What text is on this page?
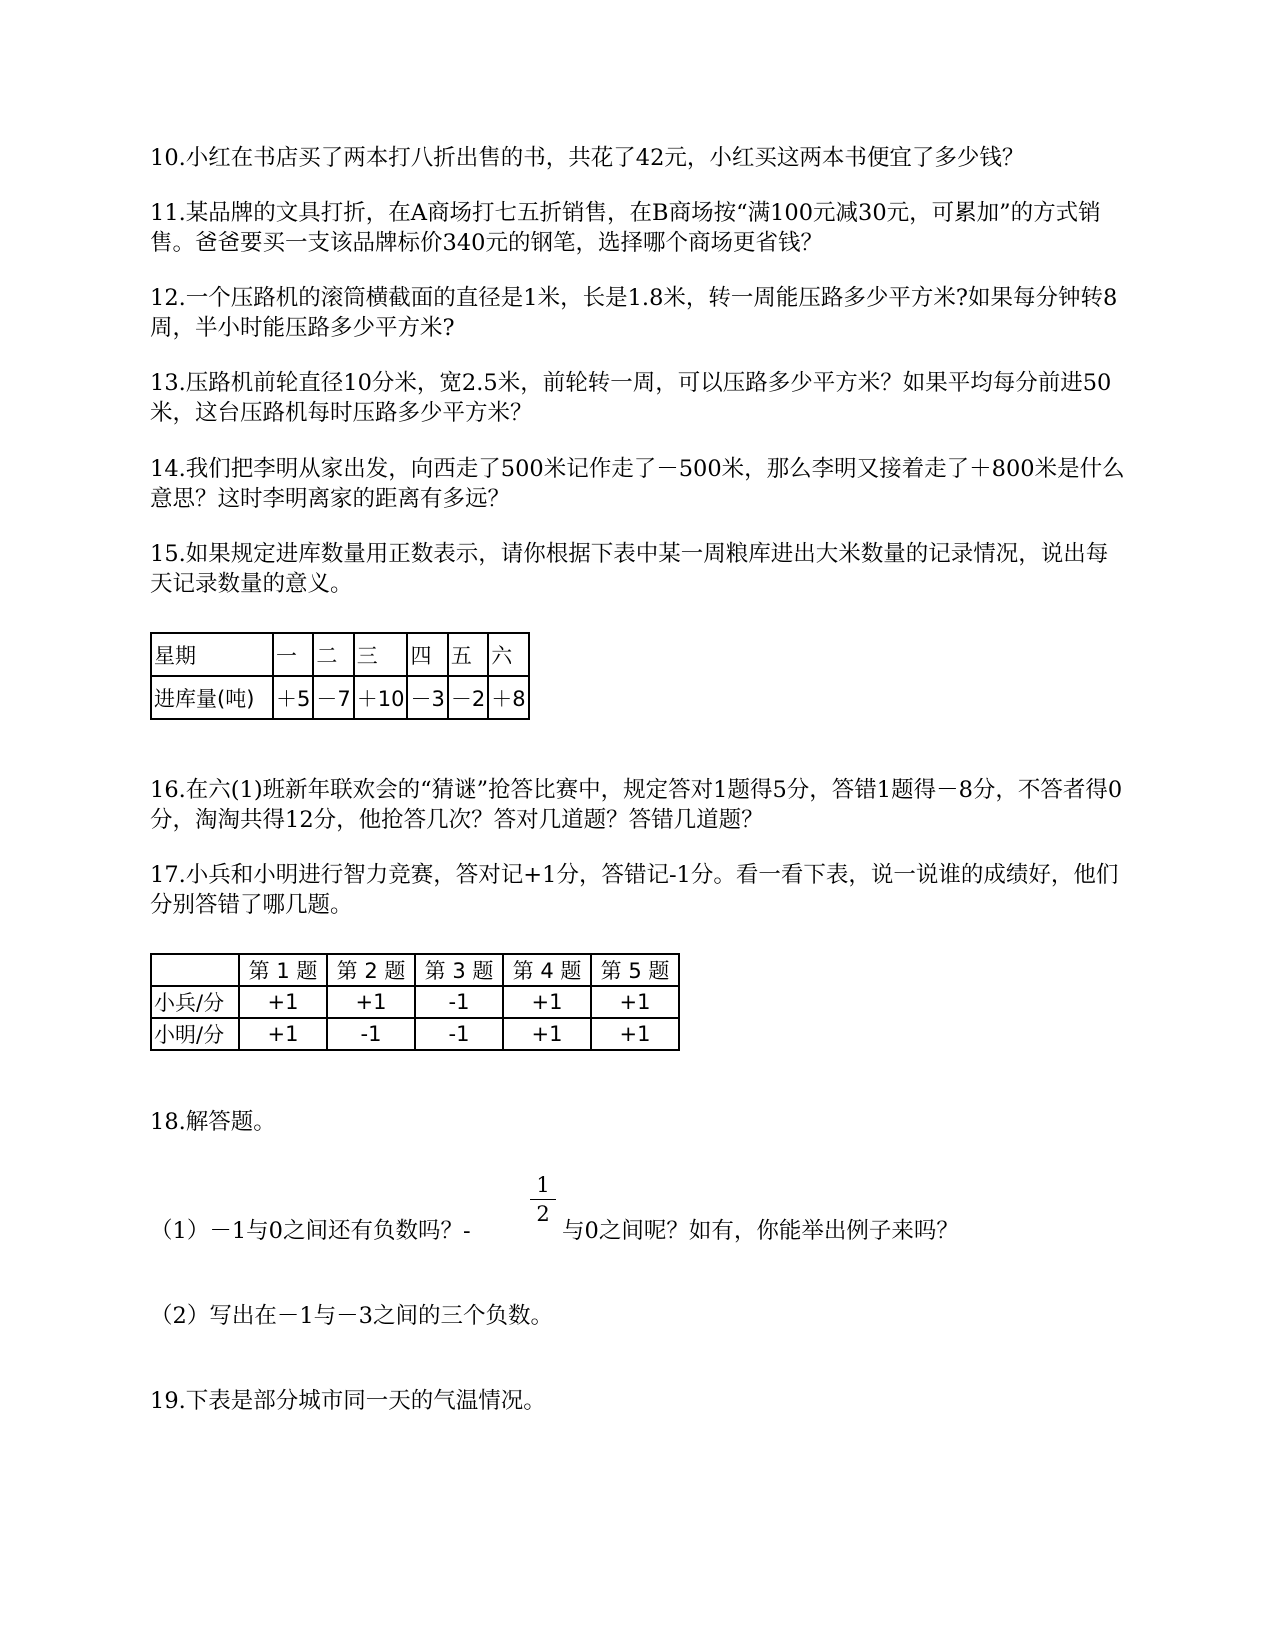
10.小红在书店买了两本打八折出售的书，共花了42元，小红买这两本书便宜了多少钱？

11.某品牌的文具打折，在A商场打七五折销售，在B商场按“满100元减30元，可累加”的方式销售。爸爸要买一支该品牌标价340元的钢笔，选择哪个商场更省钱？

12.一个压路机的滚筒横截面的直径是1米，长是1.8米，转一周能压路多少平方米?如果每分钟转8周，半小时能压路多少平方米?

13.压路机前轮直径10分米，宽2.5米，前轮转一周，可以压路多少平方米？如果平均每分前进50米，这台压路机每时压路多少平方米？

14.我们把李明从家出发，向西走了500米记作走了－500米，那么李明又接着走了＋800米是什么意思？这时李明离家的距离有多远？

15.如果规定进库数量用正数表示，请你根据下表中某一周粮库进出大米数量的记录情况，说出每天记录数量的意义。

星期	一	二	三	四	五	六
进库量(吨)	＋5	－7	＋10	－3	－2	＋8

16.在六(1)班新年联欢会的“猜谜”抢答比赛中，规定答对1题得5分，答错1题得－8分，不答者得0分，淘淘共得12分，他抢答几次？答对几道题？答错几道题？

17.小兵和小明进行智力竞赛，答对记+1分，答错记-1分。看一看下表，说一说谁的成绩好，他们分别答错了哪几题。

	第 1 题	第 2 题	第 3 题	第 4 题	第 5 题
小兵/分	+1	+1	-1	+1	+1
小明/分	+1	-1	-1	+1	+1

18.解答题。

（1）－1与0之间还有负数吗？-

1
2

与0之间呢？如有，你能举出例子来吗？

（2）写出在－1与－3之间的三个负数。

19.下表是部分城市同一天的气温情况。
